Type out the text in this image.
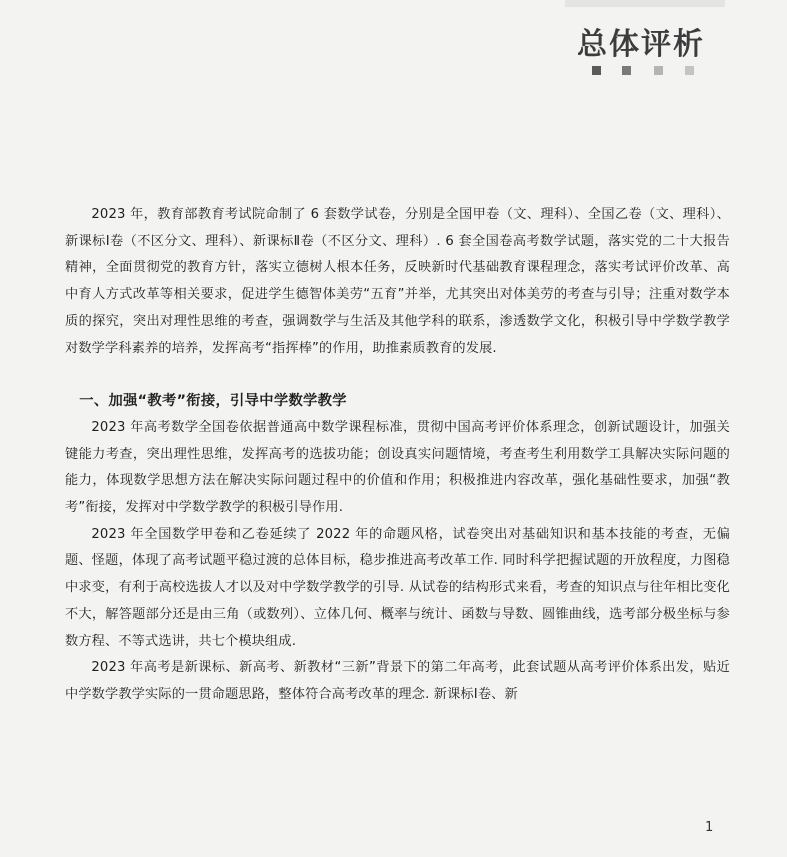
总体评析

2023 年，教育部教育考试院命制了 6 套数学试卷，分别是全国甲卷（文、理科）、全国乙卷（文、理科）、新课标Ⅰ卷（不区分文、理科）、新课标Ⅱ卷（不区分文、理科）. 6 套全国卷高考数学试题，落实党的二十大报告精神，全面贯彻党的教育方针，落实立德树人根本任务，反映新时代基础教育课程理念，落实考试评价改革、高中育人方式改革等相关要求，促进学生德智体美劳“五育”并举，尤其突出对体美劳的考查与引导；注重对数学本质的探究，突出对理性思维的考查，强调数学与生活及其他学科的联系，渗透数学文化，积极引导中学数学教学对数学学科素养的培养，发挥高考“指挥棒”的作用，助推素质教育的发展.

一、加强“教考”衔接，引导中学数学教学

2023 年高考数学全国卷依据普通高中数学课程标准，贯彻中国高考评价体系理念，创新试题设计，加强关键能力考查，突出理性思维，发挥高考的选拔功能；创设真实问题情境，考查考生利用数学工具解决实际问题的能力，体现数学思想方法在解决实际问题过程中的价值和作用；积极推进内容改革，强化基础性要求，加强“教考”衔接，发挥对中学数学教学的积极引导作用.

2023 年全国数学甲卷和乙卷延续了 2022 年的命题风格，试卷突出对基础知识和基本技能的考查，无偏题、怪题，体现了高考试题平稳过渡的总体目标，稳步推进高考改革工作. 同时科学把握试题的开放程度，力图稳中求变，有利于高校选拔人才以及对中学数学教学的引导. 从试卷的结构形式来看，考查的知识点与往年相比变化不大，解答题部分还是由三角（或数列）、立体几何、概率与统计、函数与导数、圆锥曲线，选考部分极坐标与参数方程、不等式选讲，共七个模块组成.

2023 年高考是新课标、新高考、新教材“三新”背景下的第二年高考，此套试题从高考评价体系出发，贴近中学数学教学实际的一贯命题思路，整体符合高考改革的理念. 新课标Ⅰ卷、新

1
